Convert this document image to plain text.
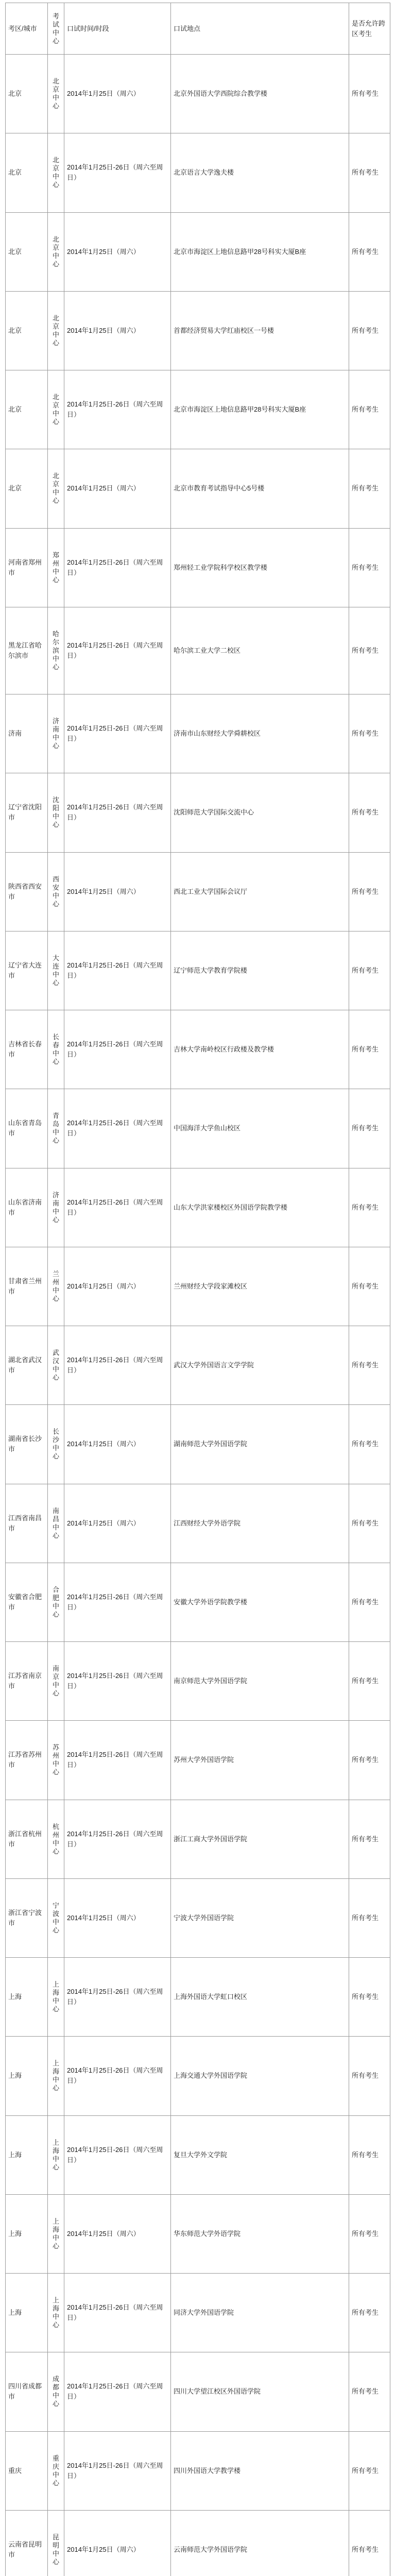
考区/城市	考试中心	口试时间/时段	口试地点	是否允许跨区考生
北京	北京中心	2014年1月25日（周六）	北京外国语大学西院综合教学楼	所有考生
北京	北京中心	2014年1月25日-26日（周六至周日）	北京语言大学逸夫楼	所有考生
北京	北京中心	2014年1月25日（周六）	北京市海淀区上地信息路甲28号科实大厦B座	所有考生
北京	北京中心	2014年1月25日（周六）	首都经济贸易大学红庙校区一号楼	所有考生
北京	北京中心	2014年1月25日-26日（周六至周日）	北京市海淀区上地信息路甲28号科实大厦B座	所有考生
北京	北京中心	2014年1月25日（周六）	北京市教育考试指导中心5号楼	所有考生
河南省郑州市	郑州中心	2014年1月25日-26日（周六至周日）	郑州轻工业学院科学校区教学楼	所有考生
黑龙江省哈尔滨市	哈尔滨中心	2014年1月25日-26日（周六至周日）	哈尔滨工业大学二校区	所有考生
济南	济南中心	2014年1月25日-26日（周六至周日）	济南市山东财经大学舜耕校区	所有考生
辽宁省沈阳市	沈阳中心	2014年1月25日-26日（周六至周日）	沈阳师范大学国际交流中心	所有考生
陕西省西安市	西安中心	2014年1月25日（周六）	西北工业大学国际会议厅	所有考生
辽宁省大连市	大连中心	2014年1月25日-26日（周六至周日）	辽宁师范大学教育学院楼	所有考生
吉林省长春市	长春中心	2014年1月25日-26日（周六至周日）	吉林大学南岭校区行政楼及教学楼	所有考生
山东省青岛市	青岛中心	2014年1月25日-26日（周六至周日）	中国海洋大学鱼山校区	所有考生
山东省济南市	济南中心	2014年1月25日-26日（周六至周日）	山东大学洪家楼校区外国语学院教学楼	所有考生
甘肃省兰州市	兰州中心	2014年1月25日（周六）	兰州财经大学段家滩校区	所有考生
湖北省武汉市	武汉中心	2014年1月25日-26日（周六至周日）	武汉大学外国语言文学学院	所有考生
湖南省长沙市	长沙中心	2014年1月25日（周六）	湖南师范大学外国语学院	所有考生
江西省南昌市	南昌中心	2014年1月25日（周六）	江西财经大学外语学院	所有考生
安徽省合肥市	合肥中心	2014年1月25日-26日（周六至周日）	安徽大学外语学院教学楼	所有考生
江苏省南京市	南京中心	2014年1月25日-26日（周六至周日）	南京师范大学外国语学院	所有考生
江苏省苏州市	苏州中心	2014年1月25日-26日（周六至周日）	苏州大学外国语学院	所有考生
浙江省杭州市	杭州中心	2014年1月25日-26日（周六至周日）	浙江工商大学外国语学院	所有考生
浙江省宁波市	宁波中心	2014年1月25日（周六）	宁波大学外国语学院	所有考生
上海	上海中心	2014年1月25日-26日（周六至周日）	上海外国语大学虹口校区	所有考生
上海	上海中心	2014年1月25日-26日（周六至周日）	上海交通大学外国语学院	所有考生
上海	上海中心	2014年1月25日-26日（周六至周日）	复旦大学外文学院	所有考生
上海	上海中心	2014年1月25日（周六）	华东师范大学外语学院	所有考生
上海	上海中心	2014年1月25日-26日（周六至周日）	同济大学外国语学院	所有考生
四川省成都市	成都中心	2014年1月25日-26日（周六至周日）	四川大学望江校区外国语学院	所有考生
重庆	重庆中心	2014年1月25日-26日（周六至周日）	四川外国语大学教学楼	所有考生
云南省昆明市	昆明中心	2014年1月25日（周六）	云南师范大学外国语学院	所有考生
